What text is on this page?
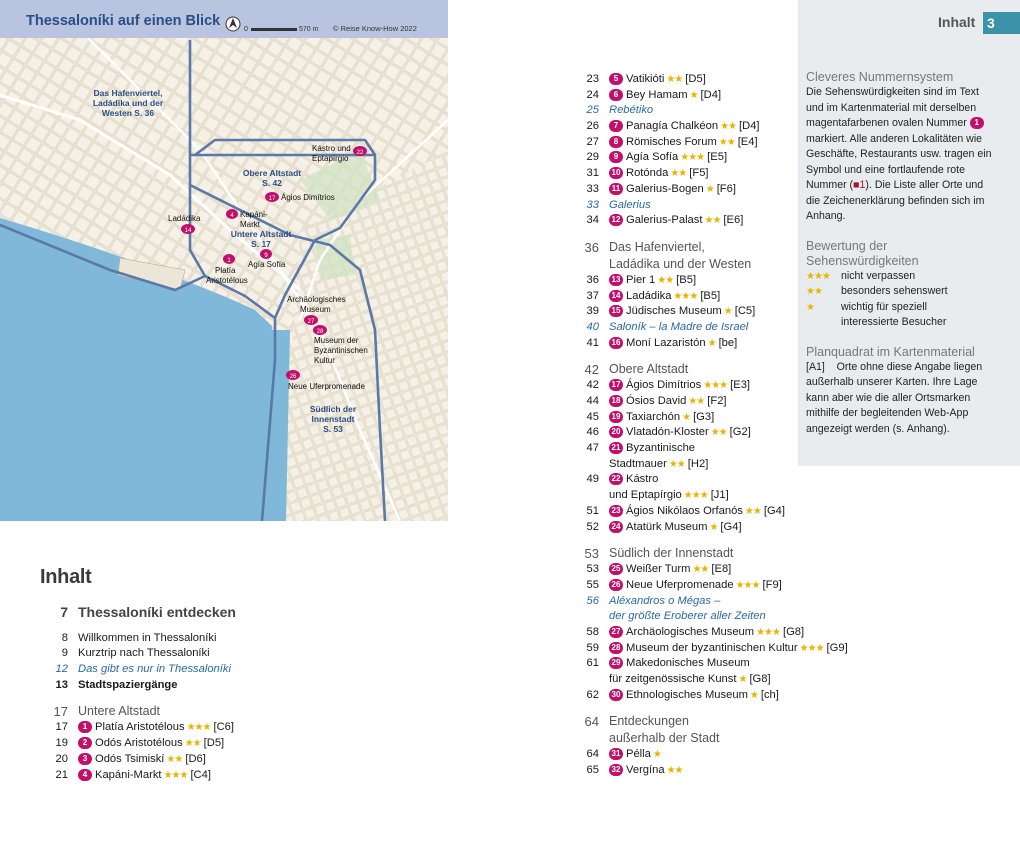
Thessaloníki auf einen Blick
0	570 m © Reise Know-How 2022
Das Hafenviertel,
Ladádika und der
Westen S. 36
Obere Altstadt
S. 42
Untere Altstadt
S. 17
Südlich der
Innenstadt
S. 53
22
Kástro und
Eptapírgio
17 Ágios Dimítrios
4 Kapáni-
Markt
Ladádika
14
9
Agía Sofía
1
Platía
Aristotélous
Archäologisches
Museum
27
28
Museum der
Byzantinischen
Kultur
26
Neue Uferpromenade
Inhalt
7 Thessaloníki entdecken
8 Willkommen in Thessaloníki
9 Kurztrip nach Thessaloníki
12 Das gibt es nur in Thessaloníki
13 Stadtspaziergänge
17 Untere Altstadt
17	1 Platía Aristotélous ★★★ [C6]
19	2 Odós Aristotélous ★★ [D5]
20	3 Odós Tsimiskí ★★ [D6]
21	4 Kapáni-Markt ★★★ [C4]
23	5 Vatikióti ★★ [D5]
24	6 Bey Hamam ★ [D4]
25 Rebétiko
26	7 Panagía Chalkéon ★★ [D4]
27	8 Römisches Forum ★★ [E4]
29	9 Agía Sofía ★★★ [E5]
31	10 Rotónda ★★ [F5]
33	11 Galerius-Bogen ★ [F6]
33 Galerius
34	12 Galerius-Palast ★★ [E6]
36 Das Hafenviertel,
Ladádika und der Westen
36	13 Pier 1 ★★ [B5]
37	14 Ladádika ★★★ [B5]
39	15 Jüdisches Museum ★ [C5]
40 Saloník – la Madre de Israel
41	16 Moní Lazaristón ★ [be]
42 Obere Altstadt
42	17 Ágios Dimítrios ★★★ [E3]
44	18 Ósios David ★★ [F2]
45	19 Taxiarchón ★ [G3]
46	20 Vlatadón-Kloster ★★ [G2]
47	21 Byzantinische
Stadtmauer ★★ [H2]
49	22 Kástro
und Eptapírgio ★★★ [J1]
51	23 Ágios Nikólaos Orfanós ★★ [G4]
52	24 Atatürk Museum ★ [G4]
53 Südlich der Innenstadt
53	25 Weißer Turm ★★ [E8]
55	26 Neue Uferpromenade ★★★ [F9]
56 Aléxandros o Mégas –
der größte Eroberer aller Zeiten
58	27 Archäologisches Museum ★★★ [G8]
59	28 Museum der byzantinischen Kultur ★★★ [G9]
61	29 Makedonisches Museum
für zeitgenössische Kunst ★ [G8]
62	30 Ethnologisches Museum ★ [ch]
64 Entdeckungen
außerhalb der Stadt
64	31 Pélla ★
65	32 Vergína ★★
Inhalt 3
Cleveres Nummernsystem

Die Sehenswürdigkeiten sind im Text und im Kartenmaterial mit derselben magentafarbenen ovalen Nummer 1markiert. Alle anderen Lokalitäten wie Geschäfte, Restaurants usw. tragen ein Symbol und eine fortlaufende rote Nummer (■1). Die Liste aller Orte und die Zeichenerklärung befinden sich im Anhang.

Bewertung der Sehenswürdigkeiten
★★★ nicht verpassen
★★ besonders sehenswert
★	wichtig für speziell interessierte Besucher
Planquadrat im Kartenmaterial

[A1] Orte ohne diese Angabe liegen außerhalb unserer Karten. Ihre Lage kann aber wie die aller Ortsmarken mithilfe der begleitenden Web-App angezeigt werden (s. Anhang).
